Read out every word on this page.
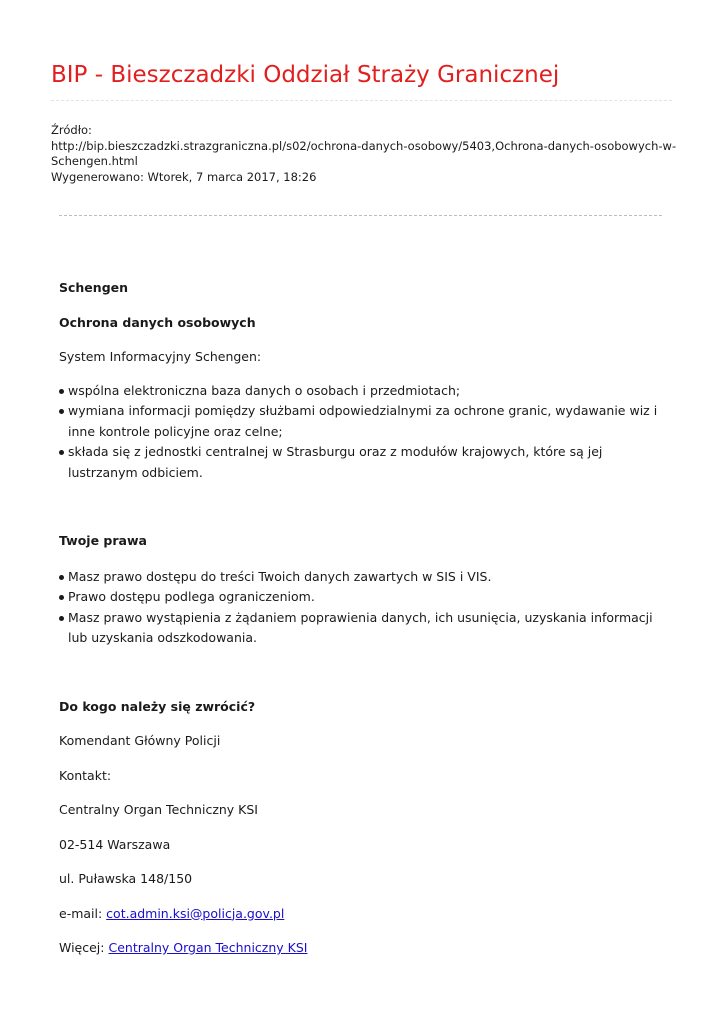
BIP - Bieszczadzki Oddział Straży Granicznej
Źródło:
http://bip.bieszczadzki.strazgraniczna.pl/s02/ochrona-danych-osobowy/5403,Ochrona-danych-osobowych-w-Schengen.html
Wygenerowano: Wtorek, 7 marca 2017, 18:26

Schengen

Ochrona danych osobowych

System Informacyjny Schengen:

wspólna elektroniczna baza danych o osobach i przedmiotach;
wymiana informacji pomiędzy służbami odpowiedzialnymi za ochrone granic, wydawanie wiz i inne kontrole policyjne oraz celne;
składa się z jednostki centralnej w Strasburgu oraz z modułów krajowych, które są jej lustrzanym odbiciem.

Twoje prawa

Masz prawo dostępu do treści Twoich danych zawartych w SIS i VIS.
Prawo dostępu podlega ograniczeniom.
Masz prawo wystąpienia z żądaniem poprawienia danych, ich usunięcia, uzyskania informacji lub uzyskania odszkodowania.

Do kogo należy się zwrócić?

Komendant Główny Policji

Kontakt:

Centralny Organ Techniczny KSI

02-514 Warszawa

ul. Puławska 148/150

e-mail: cot.admin.ksi@policja.gov.pl

Więcej: Centralny Organ Techniczny KSI
